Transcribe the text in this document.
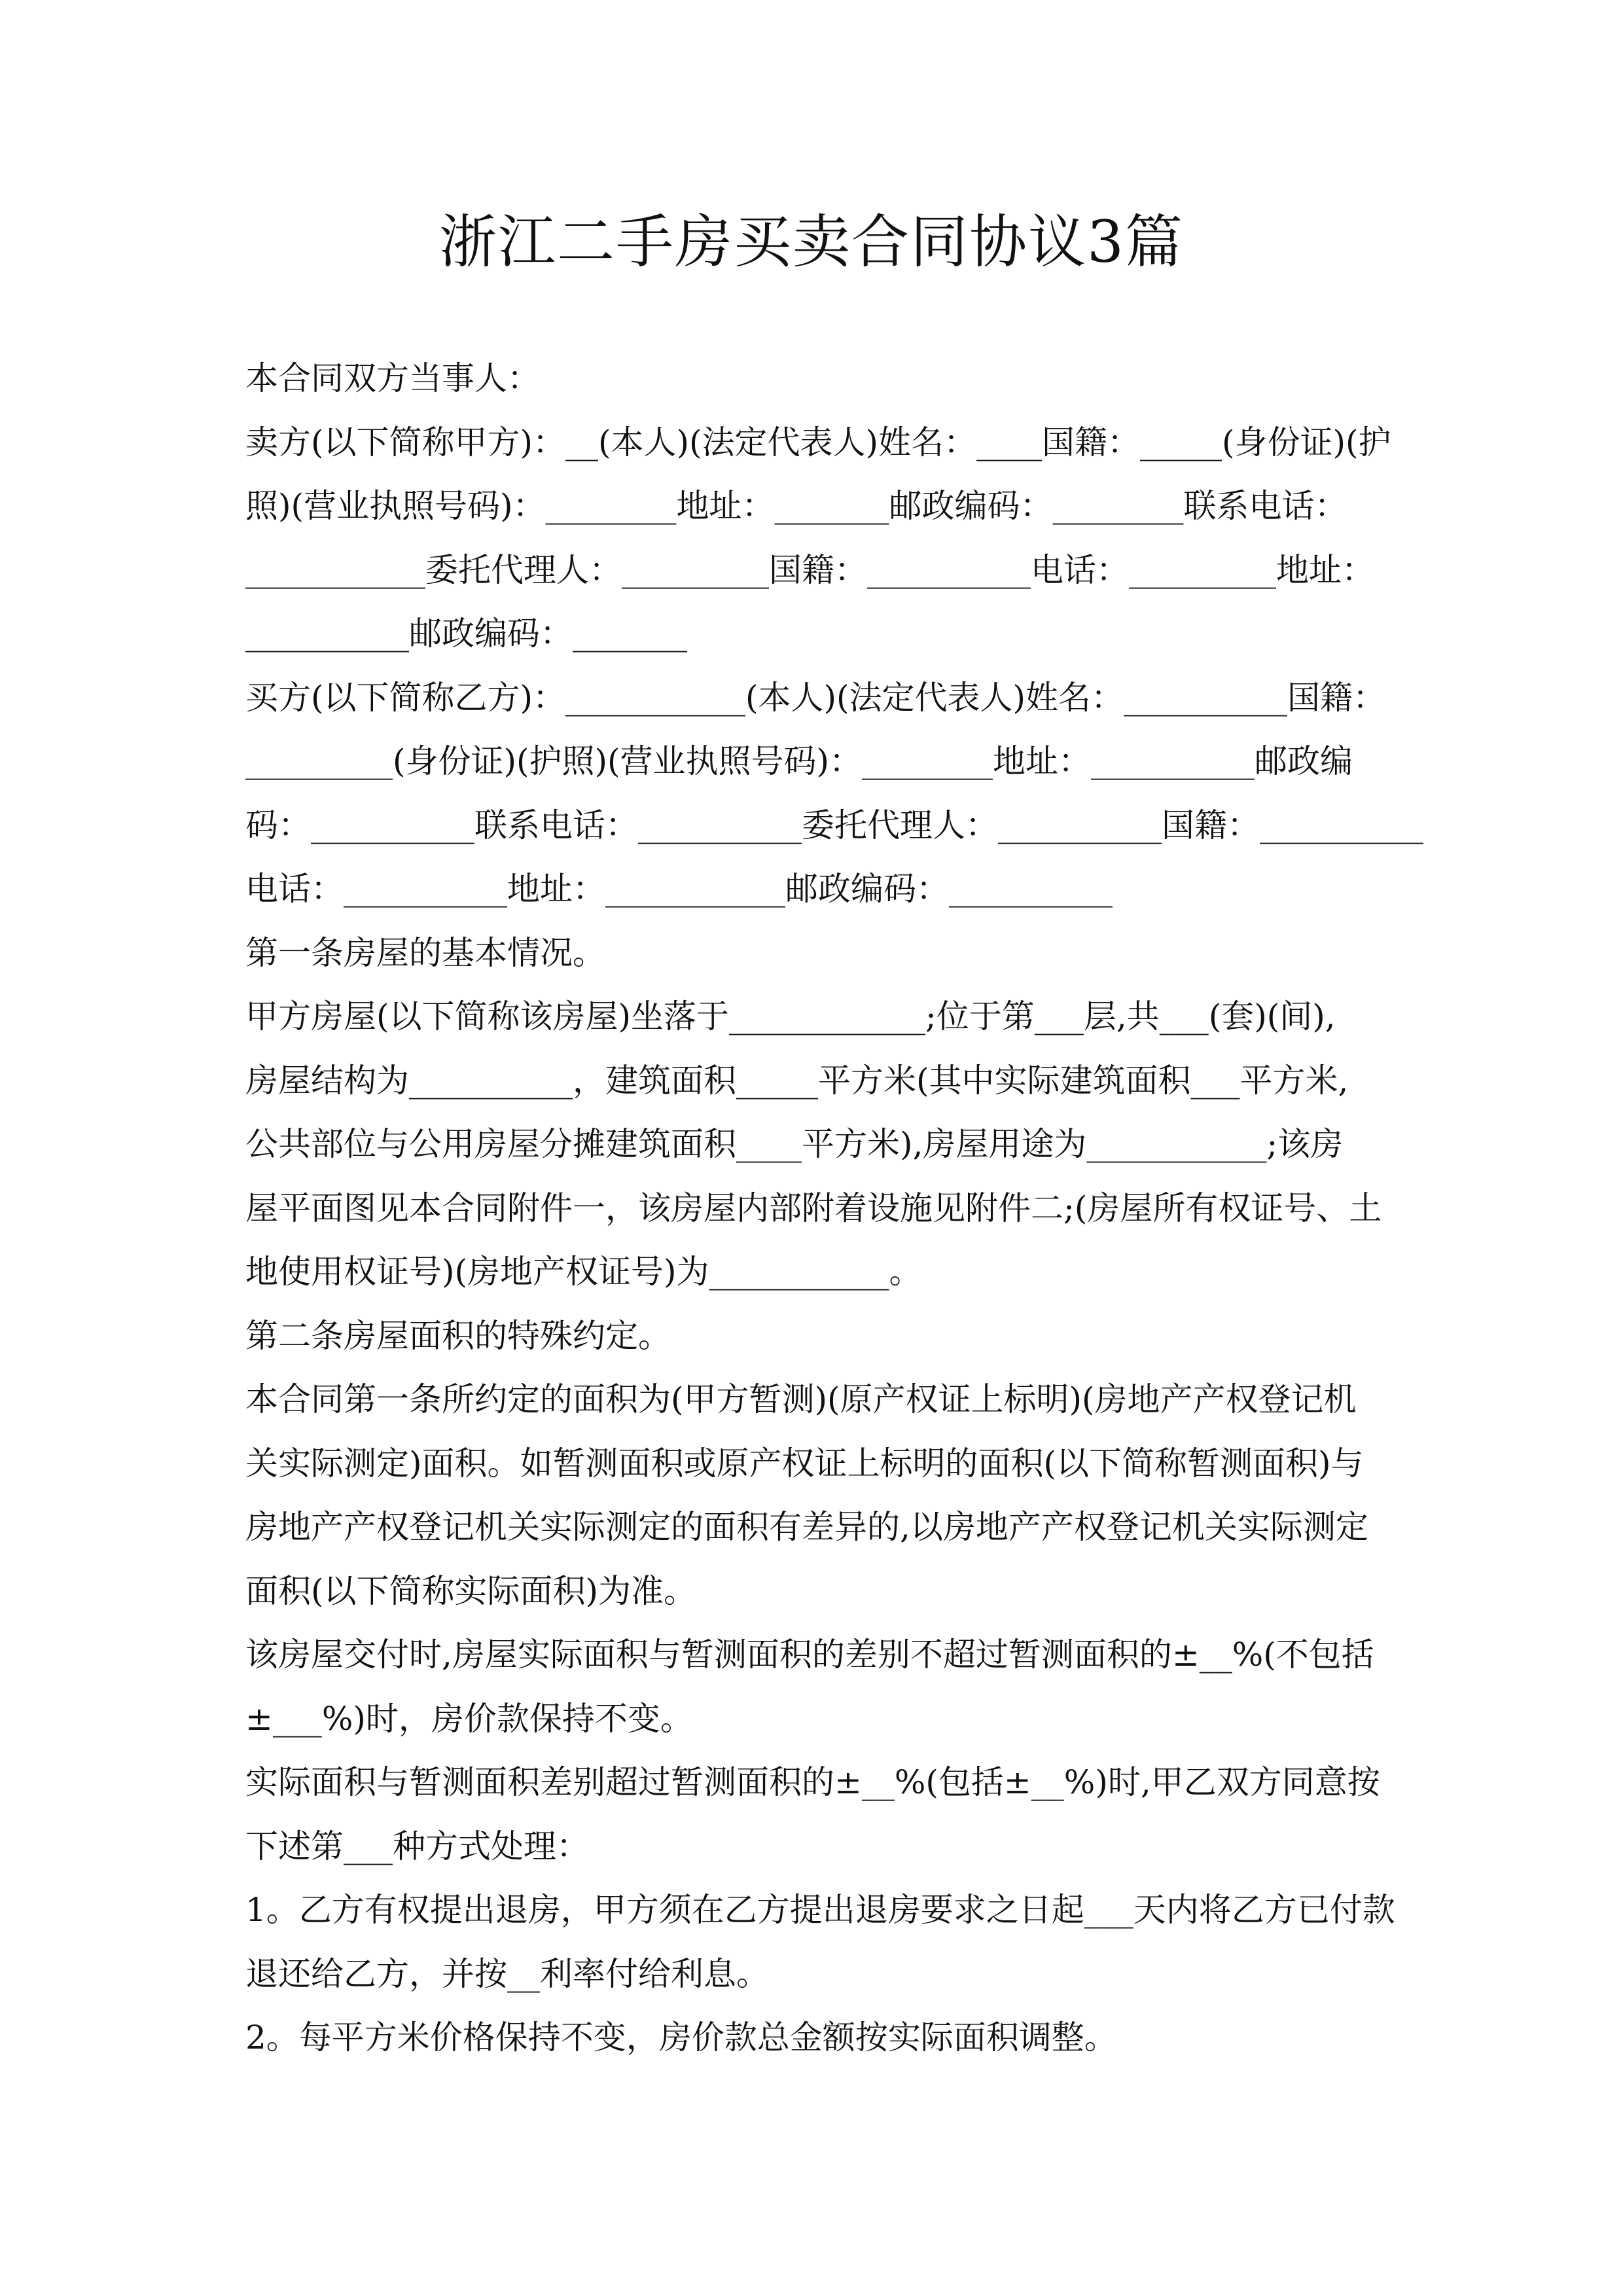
浙江二手房买卖合同协议3篇
本合同双方当事人：
卖方(以下简称甲方)：__(本人)(法定代表人)姓名：____国籍：_____(身份证)(护
照)(营业执照号码)：________地址：_______邮政编码：________联系电话：
___________委托代理人：_________国籍：__________电话：_________地址：
__________邮政编码：_______
买方(以下简称乙方)：___________(本人)(法定代表人)姓名：__________国籍：
_________(身份证)(护照)(营业执照号码)：________地址：__________邮政编
码：__________联系电话：__________委托代理人：__________国籍：__________
电话：__________地址：___________邮政编码：__________
第一条房屋的基本情况。
甲方房屋(以下简称该房屋)坐落于____________;位于第___层,共___(套)(间),
房屋结构为__________，建筑面积_____平方米(其中实际建筑面积___平方米,
公共部位与公用房屋分摊建筑面积____平方米),房屋用途为___________;该房
屋平面图见本合同附件一，该房屋内部附着设施见附件二;(房屋所有权证号、土
地使用权证号)(房地产权证号)为___________。
第二条房屋面积的特殊约定。
本合同第一条所约定的面积为(甲方暂测)(原产权证上标明)(房地产产权登记机
关实际测定)面积。如暂测面积或原产权证上标明的面积(以下简称暂测面积)与
房地产产权登记机关实际测定的面积有差异的,以房地产产权登记机关实际测定
面积(以下简称实际面积)为准。
该房屋交付时,房屋实际面积与暂测面积的差别不超过暂测面积的±__%(不包括
±___%)时，房价款保持不变。
实际面积与暂测面积差别超过暂测面积的±__%(包括±__%)时,甲乙双方同意按
下述第___种方式处理：
1。乙方有权提出退房，甲方须在乙方提出退房要求之日起___天内将乙方已付款
退还给乙方，并按__利率付给利息。
2。每平方米价格保持不变，房价款总金额按实际面积调整。
